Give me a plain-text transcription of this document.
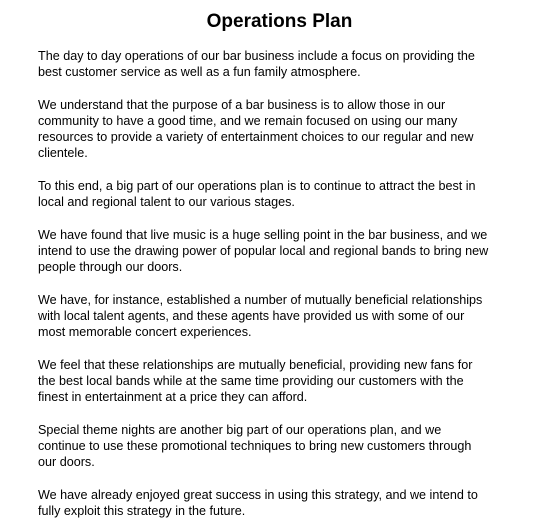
Operations Plan

The day to day operations of our bar business include a focus on providing the
best customer service as well as a fun family atmosphere.

We understand that the purpose of a bar business is to allow those in our
community to have a good time, and we remain focused on using our many
resources to provide a variety of entertainment choices to our regular and new
clientele.

To this end, a big part of our operations plan is to continue to attract the best in
local and regional talent to our various stages.

We have found that live music is a huge selling point in the bar business, and we
intend to use the drawing power of popular local and regional bands to bring new
people through our doors.

We have, for instance, established a number of mutually beneficial relationships
with local talent agents, and these agents have provided us with some of our
most memorable concert experiences.

We feel that these relationships are mutually beneficial, providing new fans for
the best local bands while at the same time providing our customers with the
finest in entertainment at a price they can afford.

Special theme nights are another big part of our operations plan, and we
continue to use these promotional techniques to bring new customers through
our doors.

We have already enjoyed great success in using this strategy, and we intend to
fully exploit this strategy in the future.
